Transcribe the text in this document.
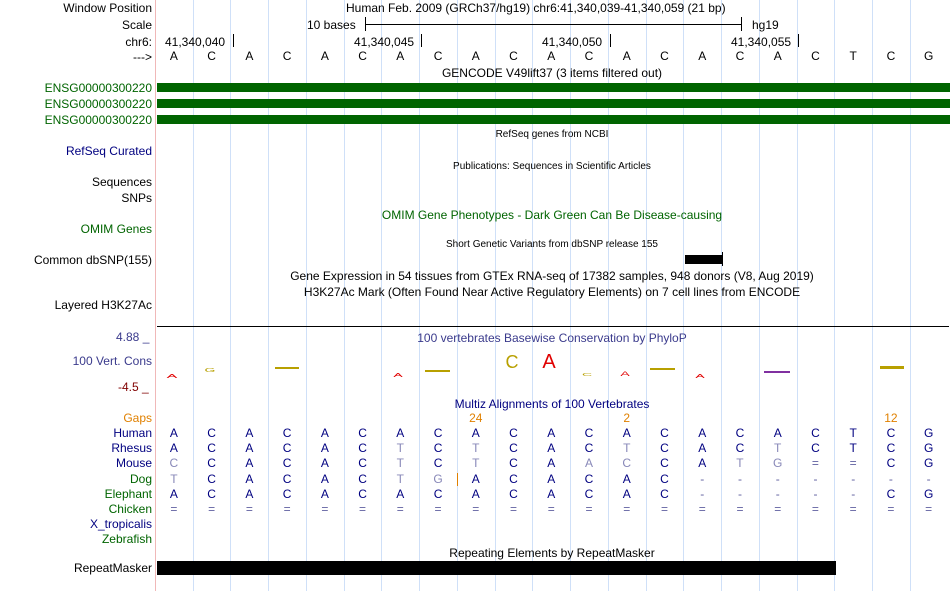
Window Position	Human Feb. 2009 (GRCh37/hg19) chr6:41,340,039-41,340,059 (21 bp)
Scale	10 bases	hg19
chr6: 41,340,040	41,340,045	41,340,050	41,340,055
--->	A	C	A	C	A	C	A	C	A	C	A	C	A	C	A	C	A	C	T	C	G
GENCODE V49lift37 (3 items filtered out)
ENSG00000300220
ENSG00000300220
ENSG00000300220
RefSeq genes from NCBI
RefSeq Curated
Publications: Sequences in Scientific Articles
Sequences
SNPs
OMIM Gene Phenotypes - Dark Green Can Be Disease-causing
OMIM Genes
Short Genetic Variants from dbSNP release 155
Common dbSNP(155)
Gene Expression in 54 tissues from GTEx RNA-seq of 17382 samples, 948 donors (V8, Aug 2019)
H3K27Ac Mark (Often Found Near Active Regulatory Elements) on 7 cell lines from ENCODE
Layered H3K27Ac
100 vertebrates Basewise Conservation by PhyloP
4.88 _
100 Vert. Cons
-4.5 _
A
G
A
C A
C A	A
Multiz Alignments of 100 Vertebrates
Gaps	24	2	12
Human	A	C	A	C	A	C	A	C	A	C	A	C	A	C	A	C	A	C	T	C	G
Rhesus	A	C	A	C	A	C	T	C	T	C	A	C	T	C	A	C	T	C	T	C	G
Mouse	C	C	A	C	A	C	T	C	T	C	A	A	C	C	A	T	G	=	=	C	G
Dog	T	C	A	C	A	C	T	G	A	C	A	C	A	C	-	-	-	-	-	-	-
Elephant	A	C	A	C	A	C	A	C	A	C	A	C	A	C	-	-	-	-	-	C	G
Chicken	=	=	=	=	=	=	=	=	=	=	=	=	=	=	=	=	=	=	=	=	=
X_tropicalis
Zebrafish
Repeating Elements by RepeatMasker
RepeatMasker
